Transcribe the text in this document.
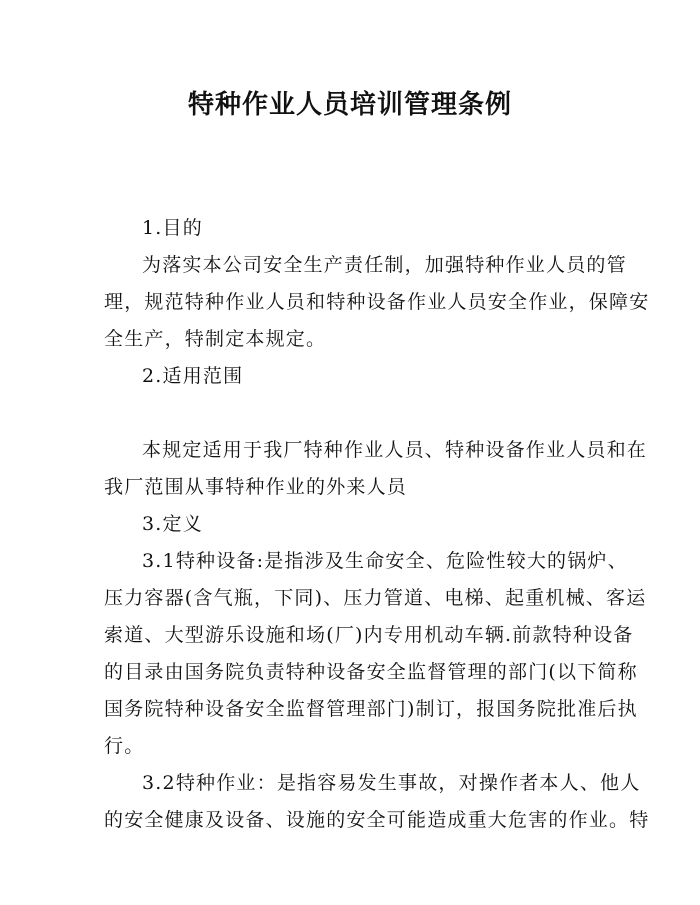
特种作业人员培训管理条例
1.目的
为落实本公司安全生产责任制，加强特种作业人员的管
理，规范特种作业人员和特种设备作业人员安全作业，保障安
全生产，特制定本规定。
2.适用范围
本规定适用于我厂特种作业人员、特种设备作业人员和在
我厂范围从事特种作业的外来人员
3.定义
3.1特种设备:是指涉及生命安全、危险性较大的锅炉、
压力容器(含气瓶，下同)、压力管道、电梯、起重机械、客运
索道、大型游乐设施和场(厂)内专用机动车辆.前款特种设备
的目录由国务院负责特种设备安全监督管理的部门(以下简称
国务院特种设备安全监督管理部门)制订，报国务院批准后执
行。
3.2特种作业：是指容易发生事故，对操作者本人、他人
的安全健康及设备、设施的安全可能造成重大危害的作业。特
